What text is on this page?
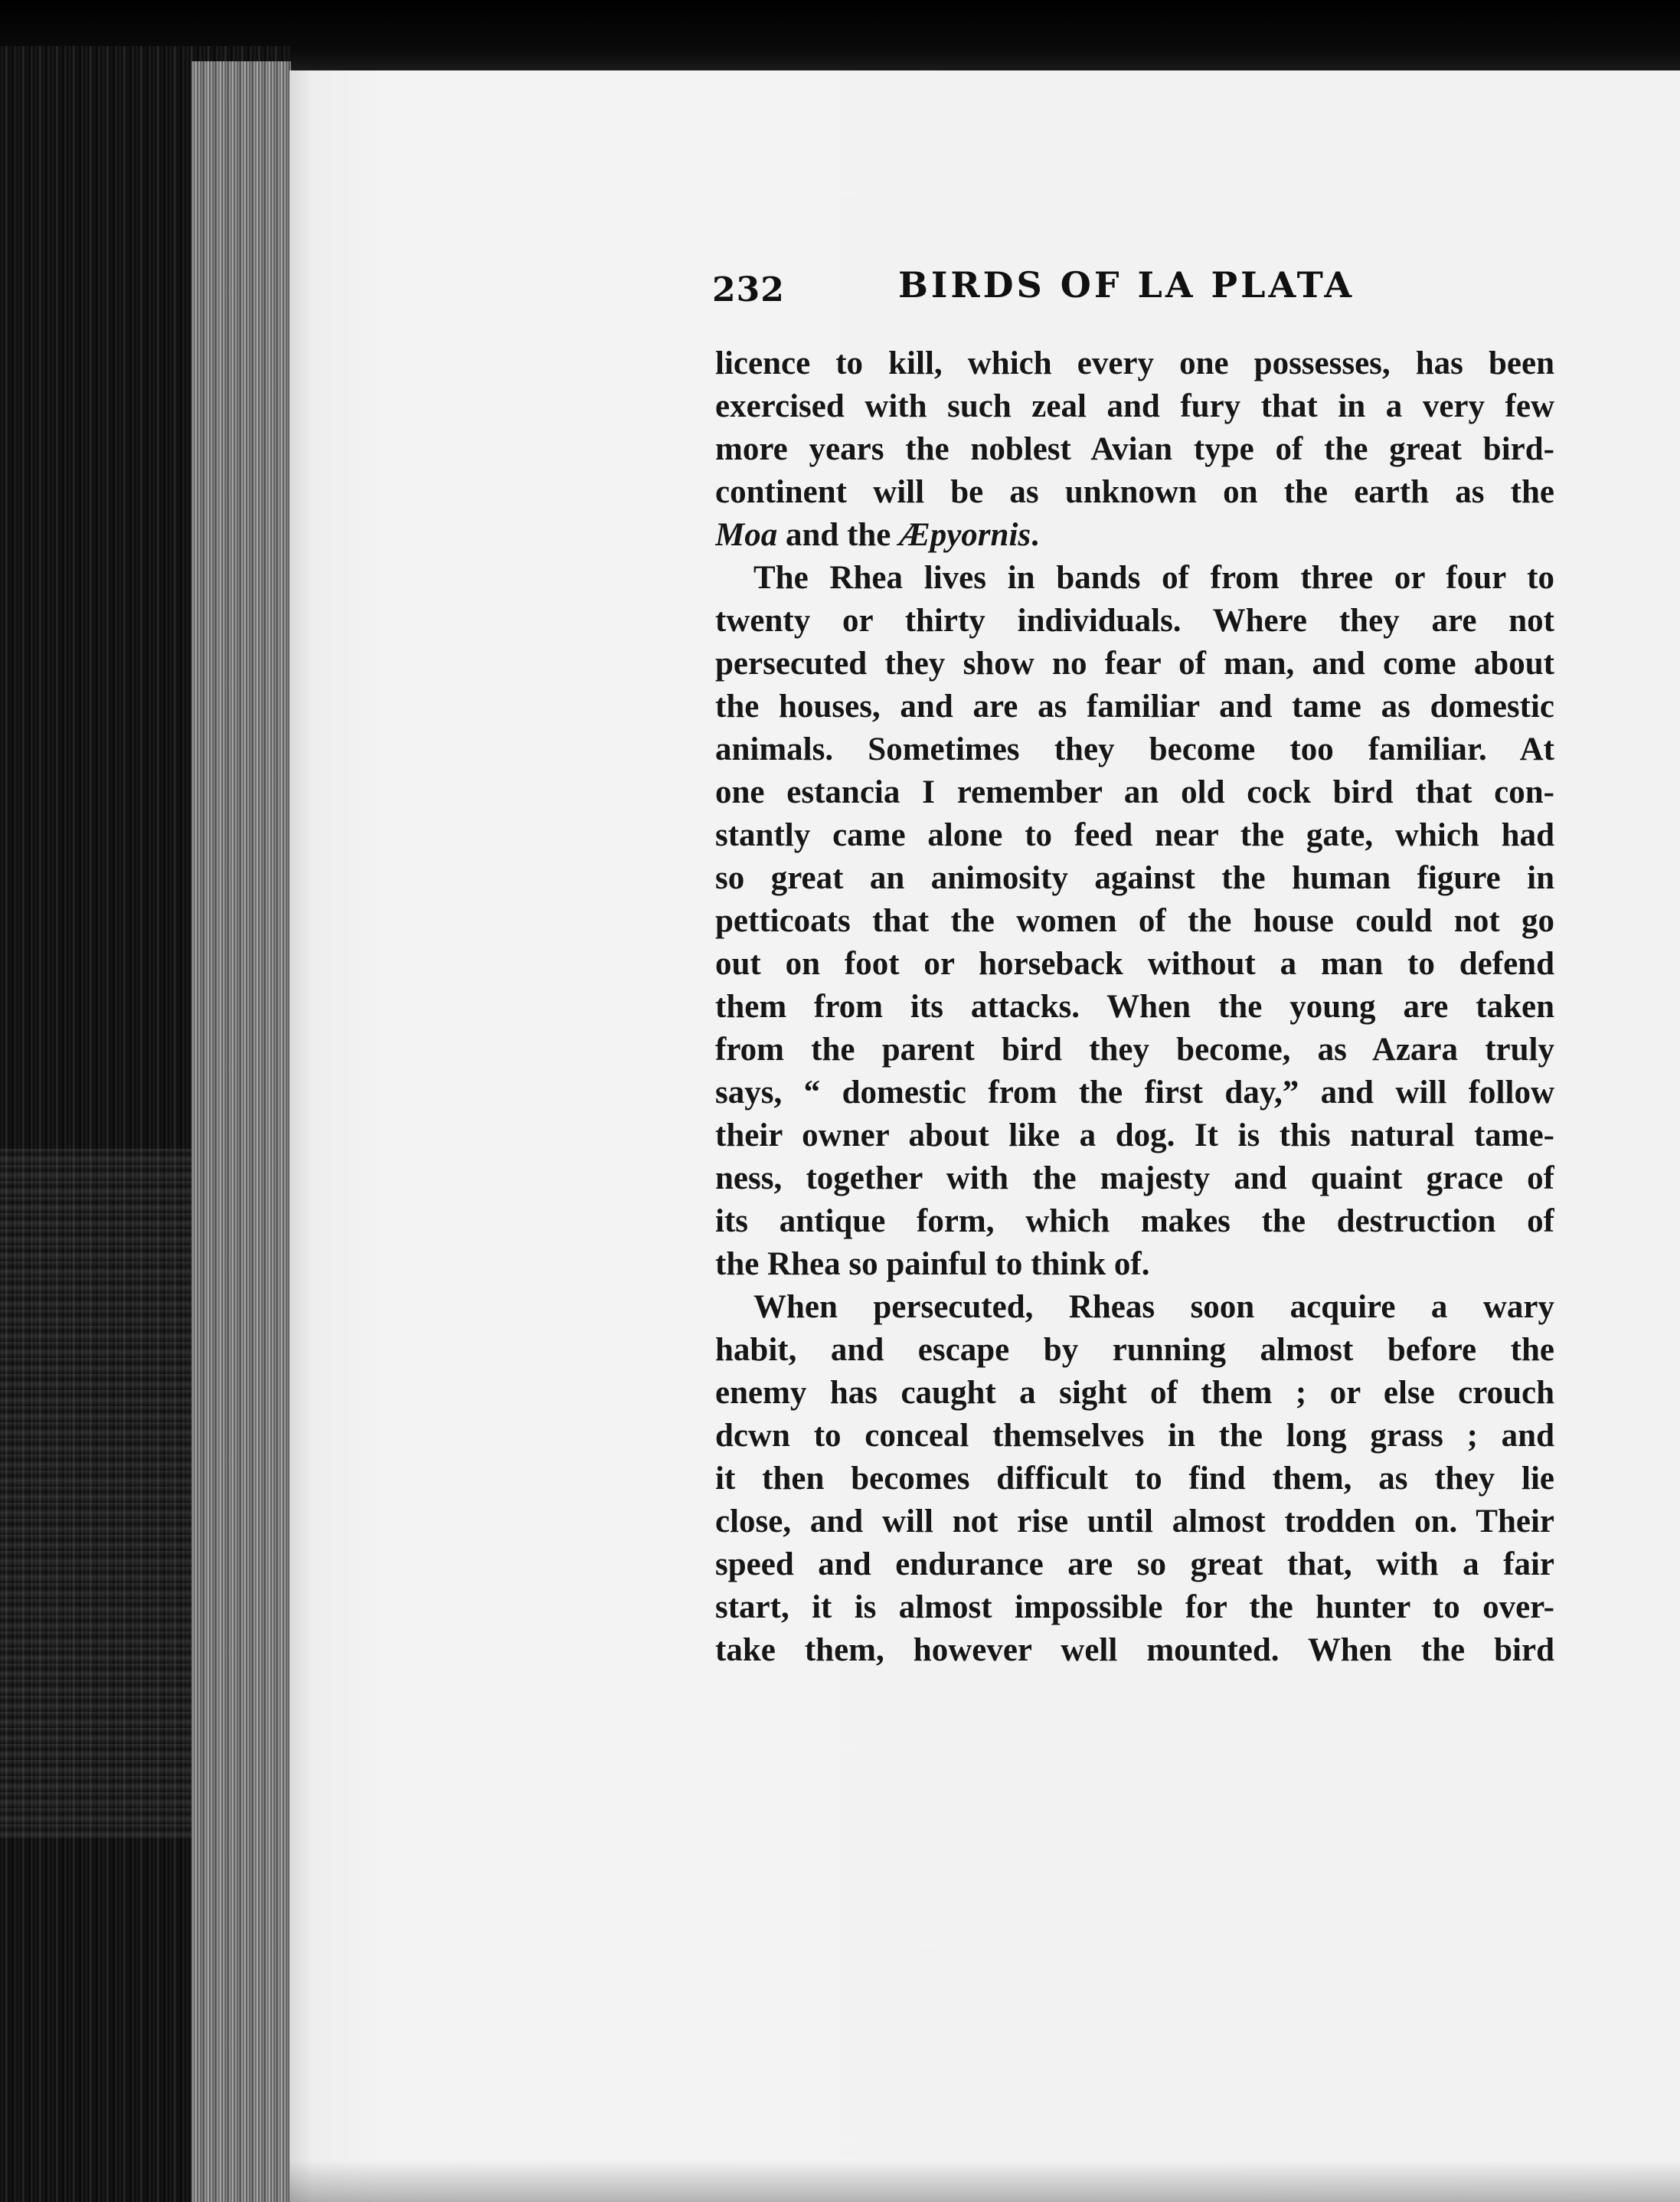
232	BIRDS OF LA PLATA
licence to kill, which every one possesses, has been
exercised with such zeal and fury that in a very few
more years the noblest Avian type of the great bird-
continent will be as unknown on the earth as the
Moa and the Æpyornis.
The Rhea lives in bands of from three or four to
twenty or thirty individuals. Where they are not
persecuted they show no fear of man, and come about
the houses, and are as familiar and tame as domestic
animals. Sometimes they become too familiar. At
one estancia I remember an old cock bird that con-
stantly came alone to feed near the gate, which had
so great an animosity against the human figure in
petticoats that the women of the house could not go
out on foot or horseback without a man to defend
them from its attacks. When the young are taken
from the parent bird they become, as Azara truly
says, “ domestic from the first day,” and will follow
their owner about like a dog. It is this natural tame-
ness, together with the majesty and quaint grace of
its antique form, which makes the destruction of
the Rhea so painful to think of.
When persecuted, Rheas soon acquire a wary
habit, and escape by running almost before the
enemy has caught a sight of them ; or else crouch
dcᴡn to conceal themselves in the long grass ; and
it then becomes difficult to find them, as they lie
close, and will not rise until almost trodden on. Their
speed and endurance are so great that, with a fair
start, it is almost impossible for the hunter to over-
take them, however well mounted. When the bird
